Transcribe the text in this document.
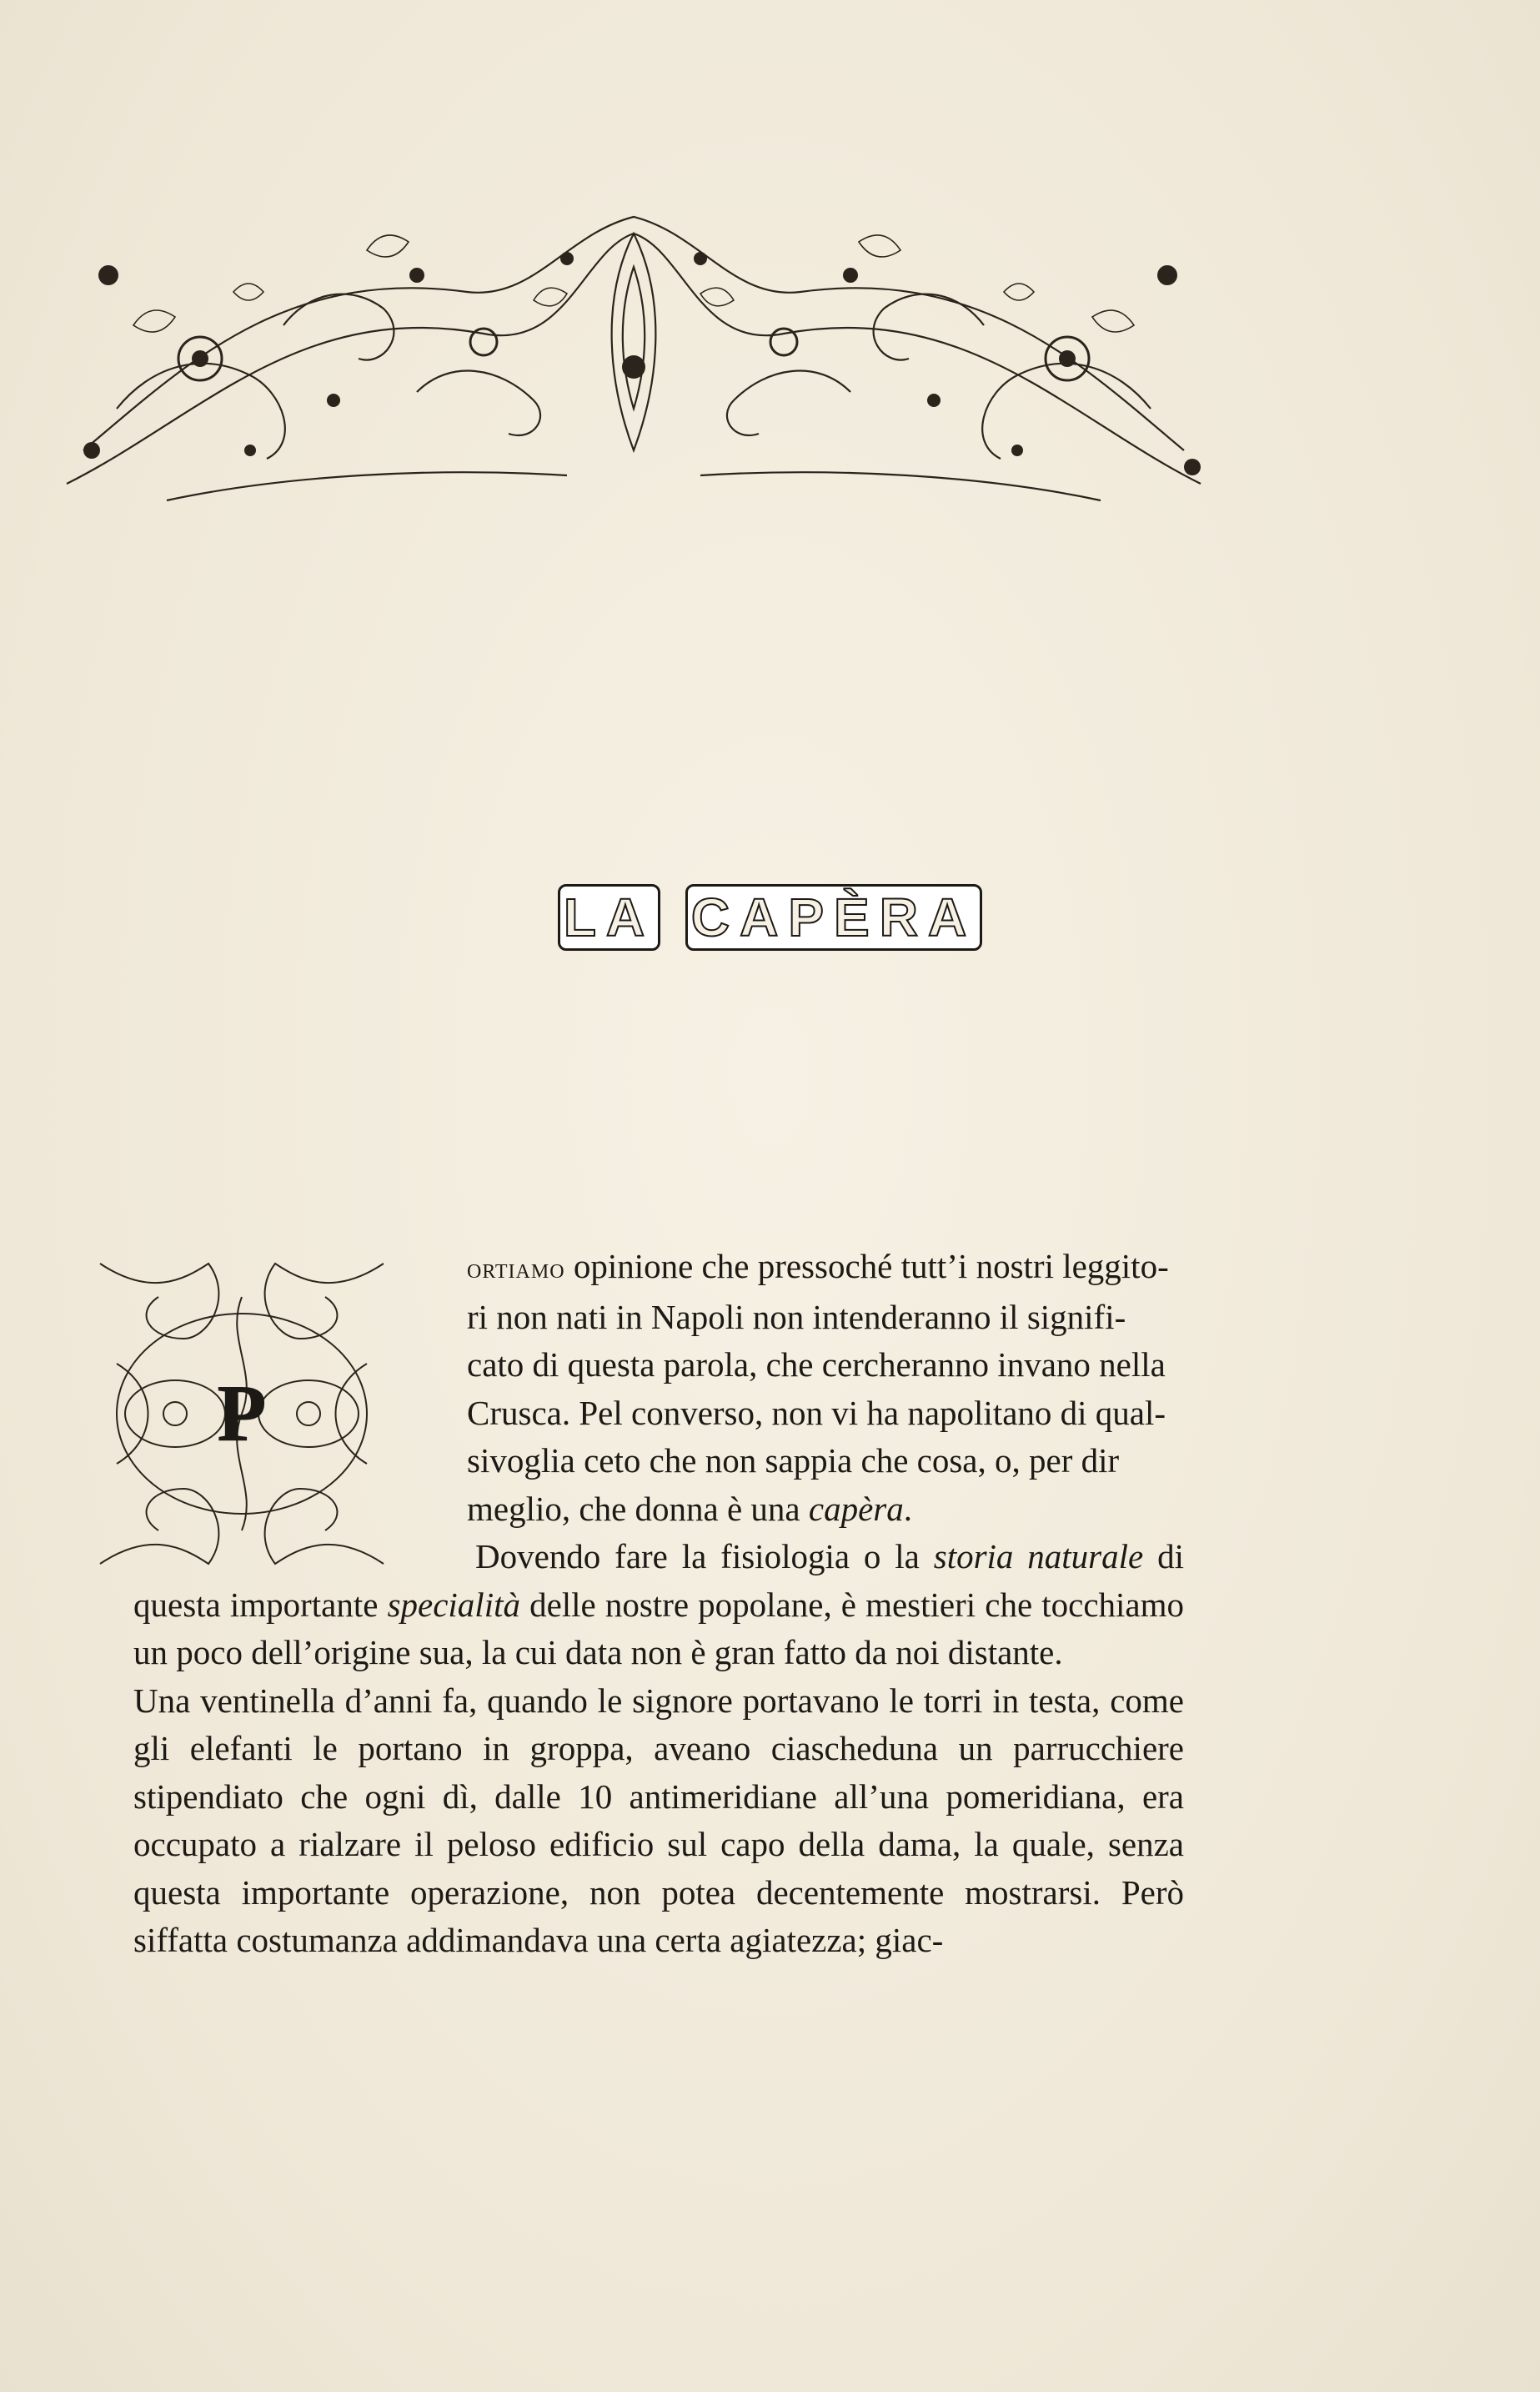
LA CAPÈRA
P

ortiamo opinione che pressoché tutt’i nostri leggito-

ri non nati in Napoli non intenderanno il signifi-

cato di questa parola, che cercheranno invano nella

Crusca. Pel converso, non vi ha napolitano di qual-

sivoglia ceto che non sappia che cosa, o, per dir

meglio, che donna è una capèra.

Dovendo fare la fisiologia o la storia naturale di questa importante specialità delle nostre popolane, è mestieri che tocchiamo un poco dell’origine sua, la cui data non è gran fatto da noi distante.

Una ventinella d’anni fa, quando le signore portavano le torri in testa, come gli elefanti le portano in groppa, aveano ciascheduna un parrucchiere stipendiato che ogni dì, dalle 10 antimeridiane all’una pomeridiana, era occupato a rialzare il peloso edificio sul capo della dama, la quale, senza questa importante operazione, non potea decentemente mostrarsi. Però siffatta costumanza addimandava una certa agiatezza; giac-
